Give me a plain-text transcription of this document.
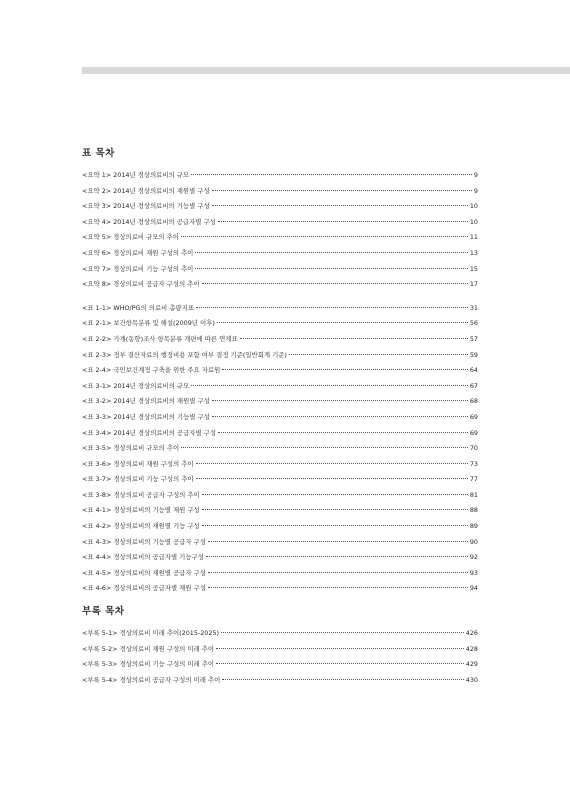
표 목차
<요약 1> 2014년 경상의료비의 규모	9
<요약 2> 2014년 경상의료비의 재원별 구성	9
<요약 3> 2014년 경상의료비의 기능별 구성	10
<요약 4> 2014년 경상의료비의 공급자별 구성	10
<요약 5> 경상의료비 규모의 추이	11
<요약 6> 경상의료비 재원 구성의 추이	13
<요약 7> 경상의료비 기능 구성의 추이	15
<요약 8> 경상의료비 공급자 구성의 추이	17
<표 1-1> WHO/PG의 의료비 총량지표	31
<표 2-1> 보건항목분류 및 해설(2009년 이후)	56
<표 2-2> 가계(동향)조사 항목분류 개편에 따른 연계표	57
<표 2-3> 정부 결산자료의 행정비용 포함 여부 결정 기준(일반회계 기준)	59
<표 2-4> 국민보건계정 구축을 위한 주요 자료원	64
<표 3-1> 2014년 경상의료비의 규모	67
<표 3-2> 2014년 경상의료비의 재원별 구성	68
<표 3-3> 2014년 경상의료비의 기능별 구성	69
<표 3-4> 2014년 경상의료비의 공급자별 구성	69
<표 3-5> 경상의료비 규모의 추이	70
<표 3-6> 경상의료비 재원 구성의 추이	73
<표 3-7> 경상의료비 기능 구성의 추이	77
<표 3-8> 경상의료비 공급자 구성의 추이	81
<표 4-1> 경상의료비의 기능별 재원 구성	88
<표 4-2> 경상의료비의 재원별 기능 구성	89
<표 4-3> 경상의료비의 기능별 공급자 구성	90
<표 4-4> 경상의료비의 공급자별 기능구성	92
<표 4-5> 경상의료비의 재원별 공급자 구성	93
<표 4-6> 경상의료비의 공급자별 재원 구성	94
부록 목차
<부록 5-1> 경상의료비 미래 추이(2015-2025)	426
<부록 5-2> 경상의료비 재원 구성의 미래 추이	428
<부록 5-3> 경상의료비 기능 구성의 미래 추이	429
<부록 5-4> 경상의료비 공급자 구성의 미래 추이	430
